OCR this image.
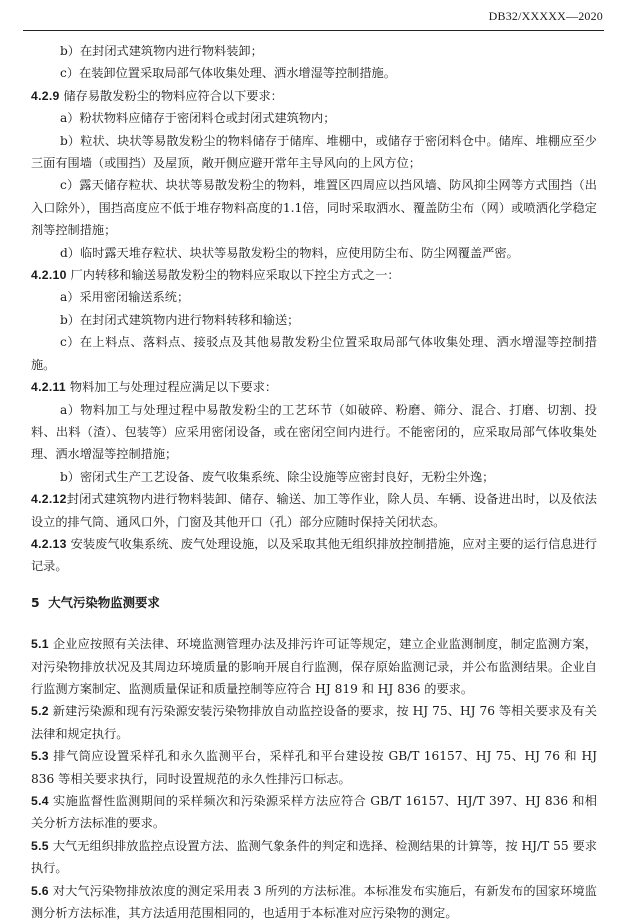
DB32/XXXXX—2020

b）在封闭式建筑物内进行物料装卸；

c）在装卸位置采取局部气体收集处理、洒水增湿等控制措施。

4.2.9 储存易散发粉尘的物料应符合以下要求：

a）粉状物料应储存于密闭料仓或封闭式建筑物内；

b）粒状、块状等易散发粉尘的物料储存于储库、堆棚中，或储存于密闭料仓中。储库、堆棚应至少三面有围墙（或围挡）及屋顶，敞开侧应避开常年主导风向的上风方位；

c）露天储存粒状、块状等易散发粉尘的物料，堆置区四周应以挡风墙、防风抑尘网等方式围挡（出入口除外），围挡高度应不低于堆存物料高度的1.1倍，同时采取洒水、覆盖防尘布（网）或喷洒化学稳定剂等控制措施；

d）临时露天堆存粒状、块状等易散发粉尘的物料，应使用防尘布、防尘网覆盖严密。

4.2.10 厂内转移和输送易散发粉尘的物料应采取以下控尘方式之一：

a）采用密闭输送系统；

b）在封闭式建筑物内进行物料转移和输送；

c）在上料点、落料点、接驳点及其他易散发粉尘位置采取局部气体收集处理、洒水增湿等控制措施。

4.2.11 物料加工与处理过程应满足以下要求：

a）物料加工与处理过程中易散发粉尘的工艺环节（如破碎、粉磨、筛分、混合、打磨、切割、投料、出料（渣）、包装等）应采用密闭设备，或在密闭空间内进行。不能密闭的，应采取局部气体收集处理、洒水增湿等控制措施；

b）密闭式生产工艺设备、废气收集系统、除尘设施等应密封良好，无粉尘外逸；

4.2.12封闭式建筑物内进行物料装卸、储存、输送、加工等作业，除人员、车辆、设备进出时，以及依法设立的排气筒、通风口外，门窗及其他开口（孔）部分应随时保持关闭状态。

4.2.13 安装废气收集系统、废气处理设施，以及采取其他无组织排放控制措施，应对主要的运行信息进行记录。

5  大气污染物监测要求

5.1 企业应按照有关法律、环境监测管理办法及排污许可证等规定，建立企业监测制度，制定监测方案，对污染物排放状况及其周边环境质量的影响开展自行监测，保存原始监测记录，并公布监测结果。企业自行监测方案制定、监测质量保证和质量控制等应符合 HJ 819 和 HJ 836 的要求。

5.2 新建污染源和现有污染源安装污染物排放自动监控设备的要求，按 HJ 75、HJ 76 等相关要求及有关法律和规定执行。

5.3 排气筒应设置采样孔和永久监测平台，采样孔和平台建设按 GB/T 16157、HJ 75、HJ 76 和 HJ 836 等相关要求执行，同时设置规范的永久性排污口标志。

5.4 实施监督性监测期间的采样频次和污染源采样方法应符合 GB/T 16157、HJ/T 397、HJ 836 和相关分析方法标准的要求。

5.5 大气无组织排放监控点设置方法、监测气象条件的判定和选择、检测结果的计算等，按 HJ/T 55 要求执行。

5.6 对大气污染物排放浓度的测定采用表 3 所列的方法标准。本标准发布实施后，有新发布的国家环境监测分析方法标准，其方法适用范围相同的，也适用于本标准对应污染物的测定。
